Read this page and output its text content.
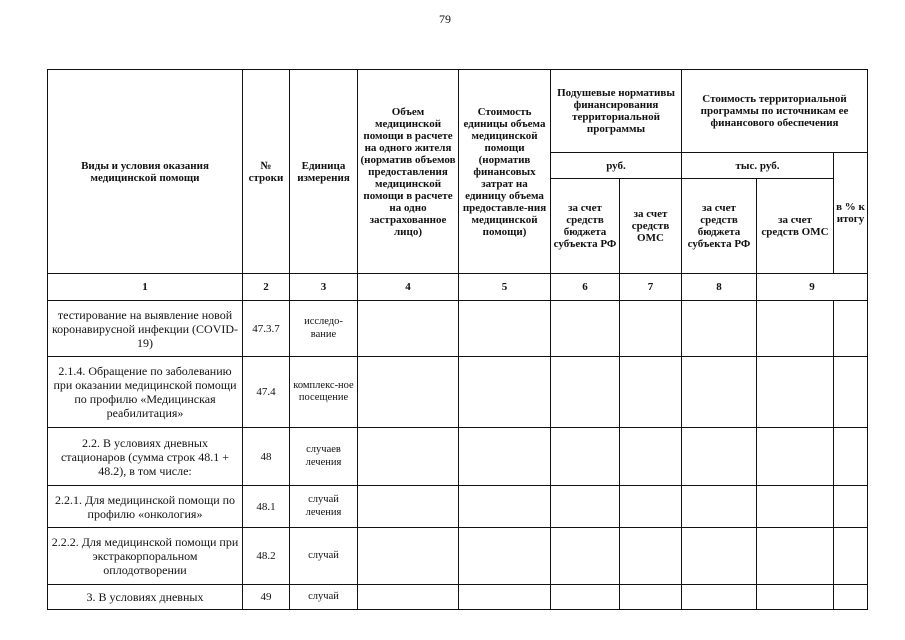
79
Виды и условия оказания медицинской помощи	№ строки	Единица измерения	Объем медицинской помощи в расчете на одного жителя (норматив объемов предоставления медицинской помощи в расчете на одно застрахованное лицо)	Стоимость единицы объема медицинской помощи (норматив финансовых затрат на единицу объема предоставле-ния медицинской помощи)	Подушевые нормативы финансирования территориальной программы		Стоимость территориальной программы по источникам ее финансового обеспечения		
					руб.		тыс. руб.		в % к итогу
					за счет средств бюджета субъекта РФ	за счет средств ОМС	за счет средств бюджета субъекта РФ	за счет средств ОМС	
1	2	3	4	5	6	7	8	9	
тестирование на выявление новой коронавирусной инфекции (COVID-19)	47.3.7	исследо-вание							
2.1.4. Обращение по заболеванию при оказании медицинской помощи по профилю «Медицинская реабилитация»	47.4	комплекс-ное посещение							
2.2. В условиях дневных стационаров (сумма строк 48.1 + 48.2), в том числе:	48	случаев лечения							
2.2.1. Для медицинской помощи по профилю «онкология»	48.1	случай лечения							
2.2.2. Для медицинской помощи при экстракорпоральном оплодотворении	48.2	случай							
3. В условиях дневных	49	случай							
